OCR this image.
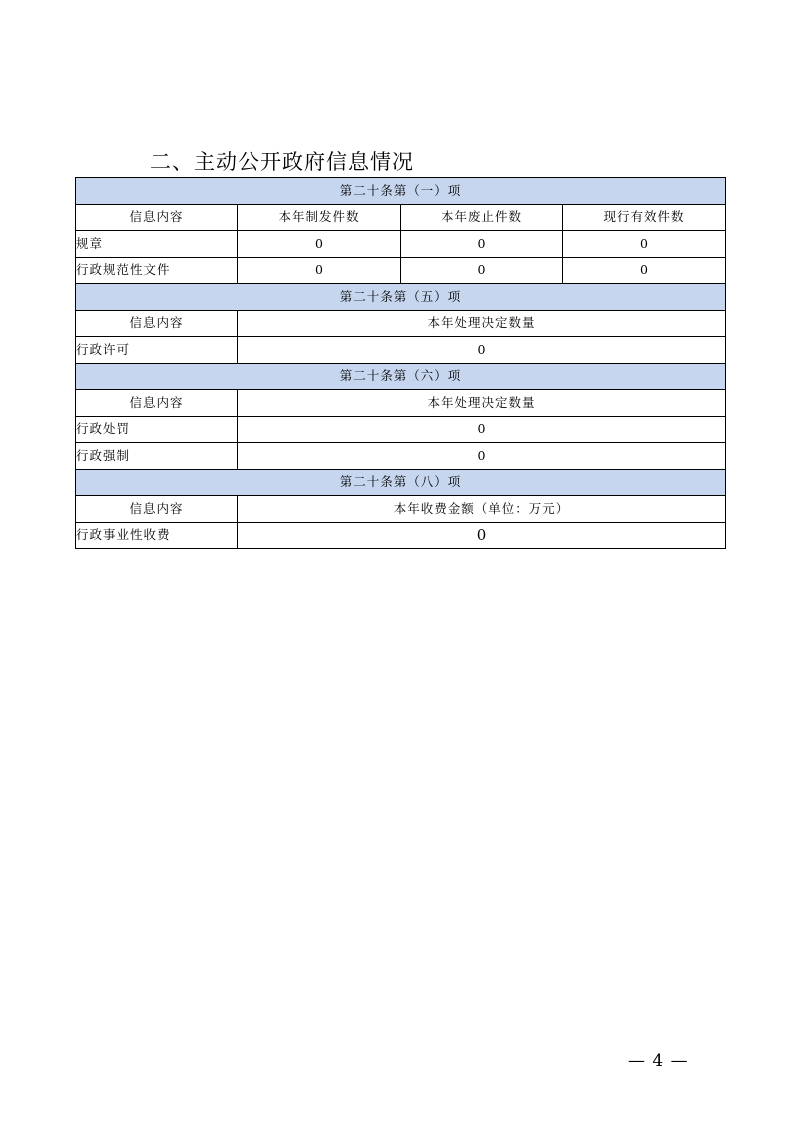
二、主动公开政府信息情况
第二十条第（一）项			
信息内容	本年制发件数	本年废止件数	现行有效件数
规章	0	0	0
行政规范性文件	0	0	0
第二十条第（五）项			
信息内容	本年处理决定数量		
行政许可	0		
第二十条第（六）项			
信息内容	本年处理决定数量		
行政处罚	0		
行政强制	0		
第二十条第（八）项			
信息内容	本年收费金额（单位：万元）		
行政事业性收费	0		
— 4 —
